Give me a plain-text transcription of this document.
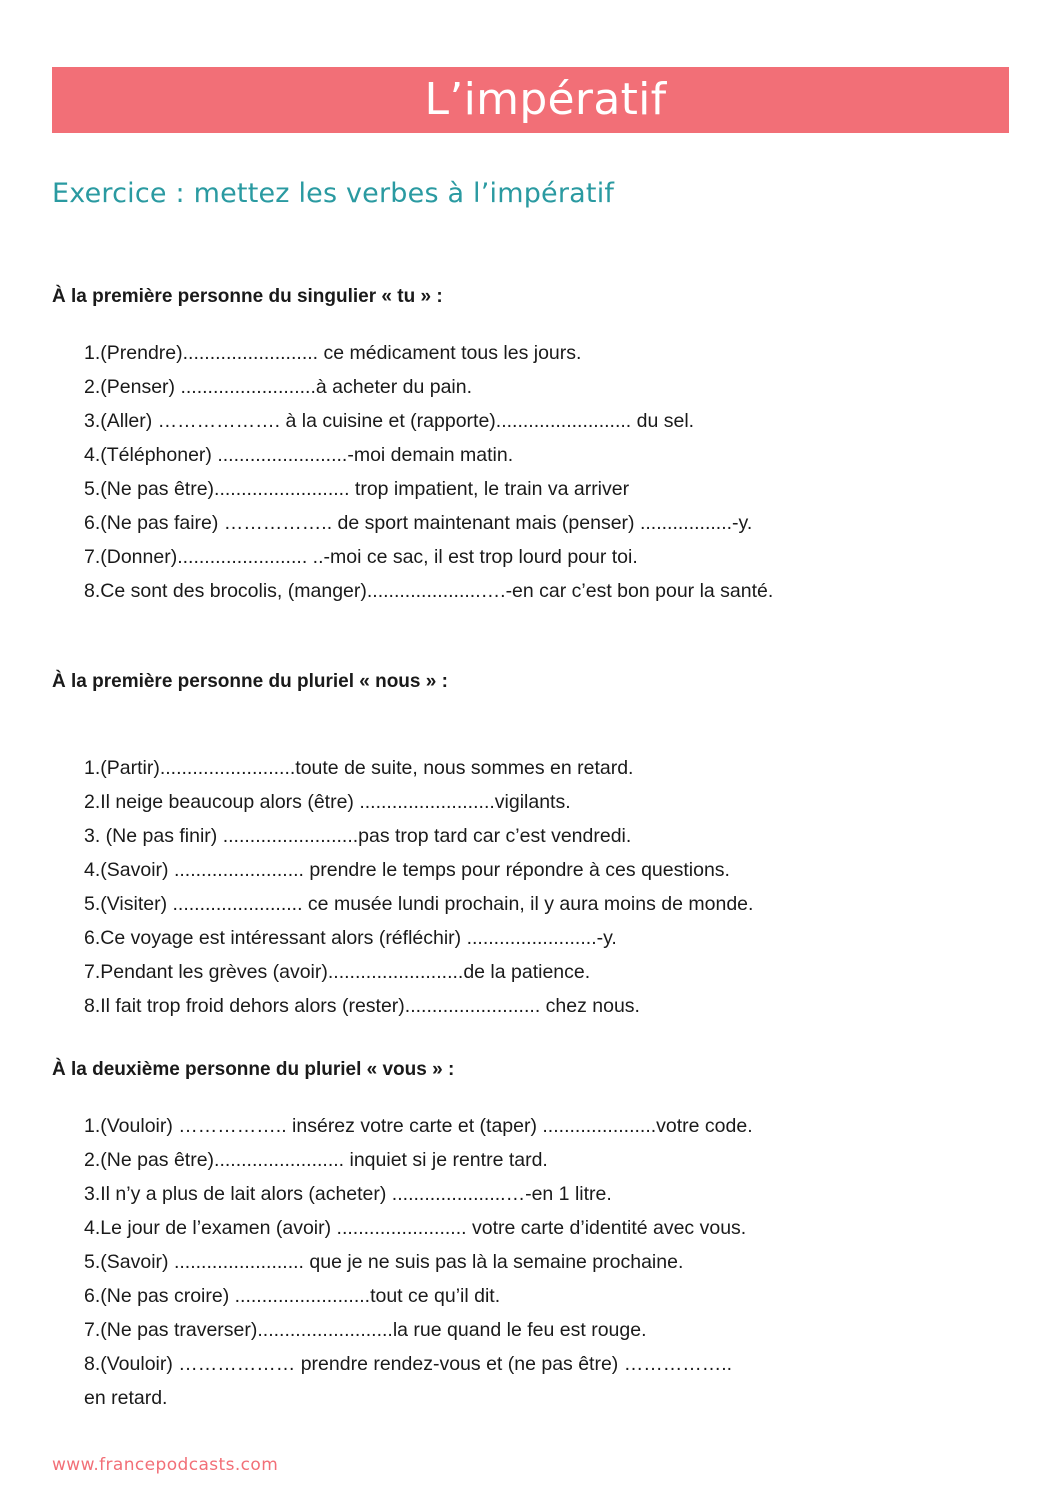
L’impératif
Exercice : mettez les verbes à l’impératif
À la première personne du singulier « tu » :
1.(Prendre)......................... ce médicament tous les jours.
2.(Penser) .........................à acheter du pain.
3.(Aller) ………………. à la cuisine et (rapporte)......................... du sel.
4.(Téléphoner) ........................-moi demain matin.
5.(Ne pas être)......................... trop impatient, le train va arriver
6.(Ne pas faire) …………….. de sport maintenant mais (penser) .................-y.
7.(Donner)........................ ..-moi ce sac, il est trop lourd pour toi.
8.Ce sont des brocolis, (manger).....................….-en car c’est bon pour la santé.
À la première personne du pluriel « nous » :
1.(Partir).........................toute de suite, nous sommes en retard.
2.Il neige beaucoup alors (être) .........................vigilants.
3. (Ne pas finir) .........................pas trop tard car c’est vendredi.
4.(Savoir) ........................ prendre le temps pour répondre à ces questions.
5.(Visiter) ........................ ce musée lundi prochain, il y aura moins de monde.
6.Ce voyage est intéressant alors (réfléchir) ........................-y.
7.Pendant les grèves (avoir).........................de la patience.
8.Il fait trop froid dehors alors (rester)......................... chez nous.
À la deuxième personne du pluriel « vous » :
1.(Vouloir) …………….. insérez votre carte et (taper) .....................votre code.
2.(Ne pas être)........................ inquiet si je rentre tard.
3.Il n’y a plus de lait alors (acheter) .....................…-en 1 litre.
4.Le jour de l’examen (avoir) ........................ votre carte d’identité avec vous.
5.(Savoir) ........................ que je ne suis pas là la semaine prochaine.
6.(Ne pas croire) .........................tout ce qu’il dit.
7.(Ne pas traverser).........................la rue quand le feu est rouge.
8.(Vouloir) ……………… prendre rendez-vous et (ne pas être) ……………..
en retard.
www.francepodcasts.com
